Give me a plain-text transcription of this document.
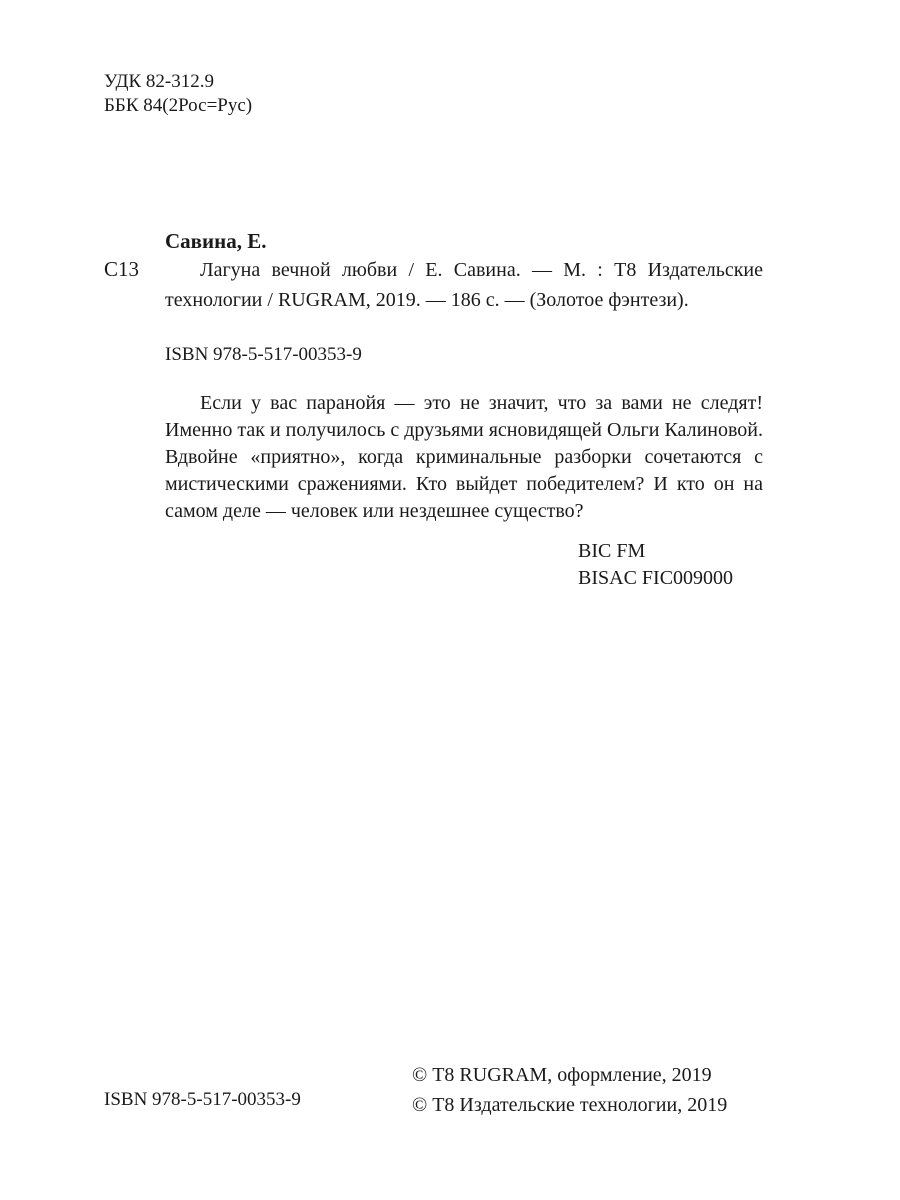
УДК 82-312.9
ББК 84(2Рос=Рус)
Савина, Е.
С13	Лагуна вечной любви / Е. Савина. — М. : Т8 Издательские технологии / RUGRAM, 2019. — 186 с. — (Золотое фэнтези).

ISBN 978-5-517-00353-9

Если у вас паранойя — это не значит, что за вами не следят! Именно так и получилось с друзьями ясновидящей Ольги Калиновой. Вдвойне «приятно», когда криминальные разборки сочетаются с мистическими сражениями. Кто выйдет победителем? И кто он на самом деле — человек или нездешнее существо?

BIC FM
BISAC FIC009000
ISBN 978-5-517-00353-9
© Т8 RUGRAM, оформление, 2019
© Т8 Издательские технологии, 2019
